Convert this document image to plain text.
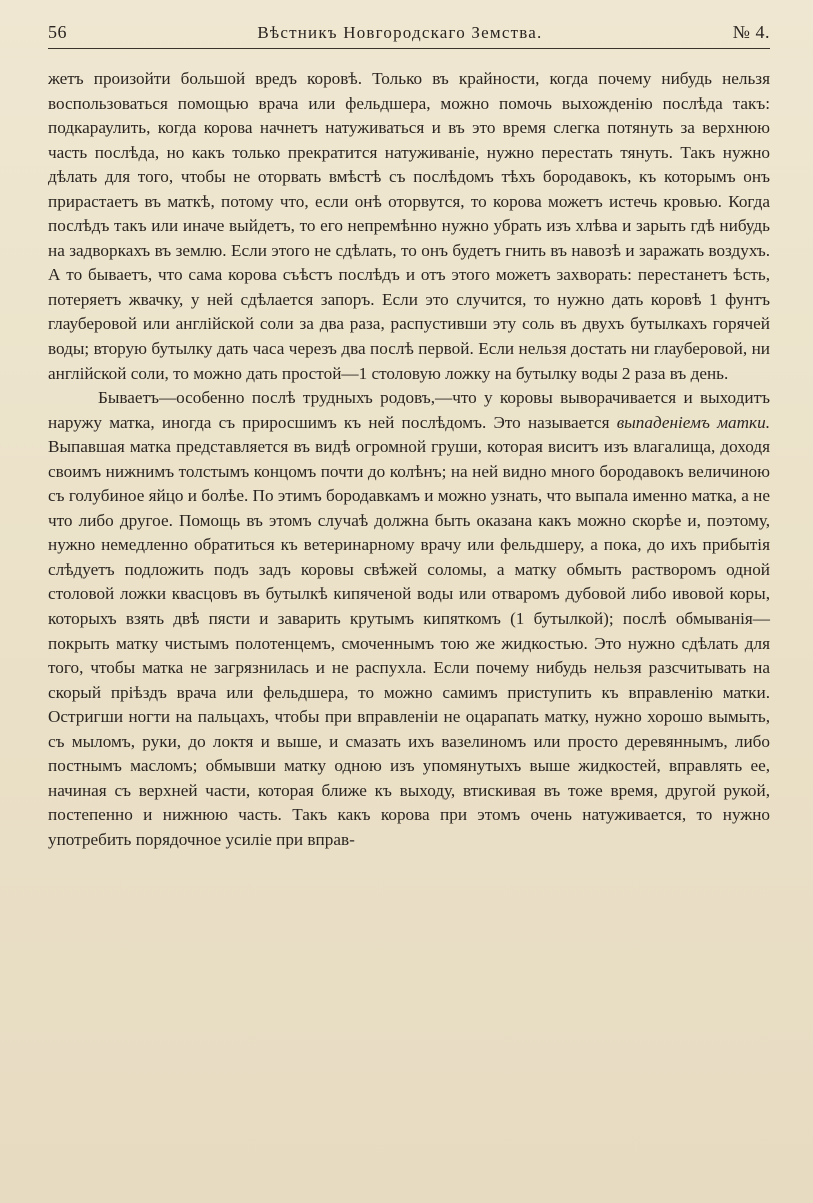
56	Вѣстникъ Новгородскаго Земства.	№ 4.

жетъ произойти большой вредъ коровѣ. Только въ крайности, когда почему нибудь нельзя воспользоваться помощью врача или фельдшера, можно помочь выхожденію послѣда такъ: подкараулить, когда корова начнетъ натуживаться и въ это время слегка потянуть за верхнюю часть послѣда, но какъ только прекратится натуживаніе, нужно перестать тянуть. Такъ нужно дѣлать для того, чтобы не оторвать вмѣстѣ съ послѣдомъ тѣхъ бородавокъ, къ которымъ онъ прирастаетъ въ маткѣ, потому что, если онѣ оторвутся, то корова можетъ истечь кровью. Когда послѣдъ такъ или иначе выйдетъ, то его непремѣнно нужно убрать изъ хлѣва и зарыть гдѣ нибудь на задворкахъ въ землю. Если этого не сдѣлать, то онъ будетъ гнить въ навозѣ и заражать воздухъ. А то бываетъ, что сама корова съѣстъ послѣдъ и отъ этого можетъ захворать: перестанетъ ѣсть, потеряетъ жвачку, у ней сдѣлается запоръ. Если это случится, то нужно дать коровѣ 1 фунтъ глауберовой или англійской соли за два раза, распустивши эту соль въ двухъ бутылкахъ горячей воды; вторую бутылку дать часа черезъ два послѣ первой. Если нельзя достать ни глауберовой, ни англійской соли, то можно дать простой—1 столовую ложку на бутылку воды 2 раза въ день.

Бываетъ—особенно послѣ трудныхъ родовъ,—что у коровы выворачивается и выходитъ наружу матка, иногда съ приросшимъ къ ней послѣдомъ. Это называется выпаденіемъ матки. Выпавшая матка представляется въ видѣ огромной груши, которая виситъ изъ влагалища, доходя своимъ нижнимъ толстымъ концомъ почти до колѣнъ; на ней видно много бородавокъ величиною съ голубиное яйцо и болѣе. По этимъ бородавкамъ и можно узнать, что выпала именно матка, а не что либо другое. Помощь въ этомъ случаѣ должна быть оказана какъ можно скорѣе и, поэтому, нужно немедленно обратиться къ ветеринарному врачу или фельдшеру, а пока, до ихъ прибытія слѣдуетъ подложить подъ задъ коровы свѣжей соломы, а матку обмыть растворомъ одной столовой ложки квасцовъ въ бутылкѣ кипяченой воды или отваромъ дубовой либо ивовой коры, которыхъ взять двѣ пясти и заварить крутымъ кипяткомъ (1 бутылкой); послѣ обмыванія—покрыть матку чистымъ полотенцемъ, смоченнымъ тою же жидкостью. Это нужно сдѣлать для того, чтобы матка не загрязнилась и не распухла. Если почему нибудь нельзя разсчитывать на скорый пріѣздъ врача или фельдшера, то можно самимъ приступить къ вправленію матки. Остригши ногти на пальцахъ, чтобы при вправленіи не оцарапать матку, нужно хорошо вымыть, съ мыломъ, руки, до локтя и выше, и смазать ихъ вазелиномъ или просто деревяннымъ, либо постнымъ масломъ; обмывши матку одною изъ упомянутыхъ выше жидкостей, вправлять ее, начиная съ верхней части, которая ближе къ выходу, втискивая въ тоже время, другой рукой, постепенно и нижнюю часть. Такъ какъ корова при этомъ очень натуживается, то нужно употребить порядочное усиліе при вправ-
